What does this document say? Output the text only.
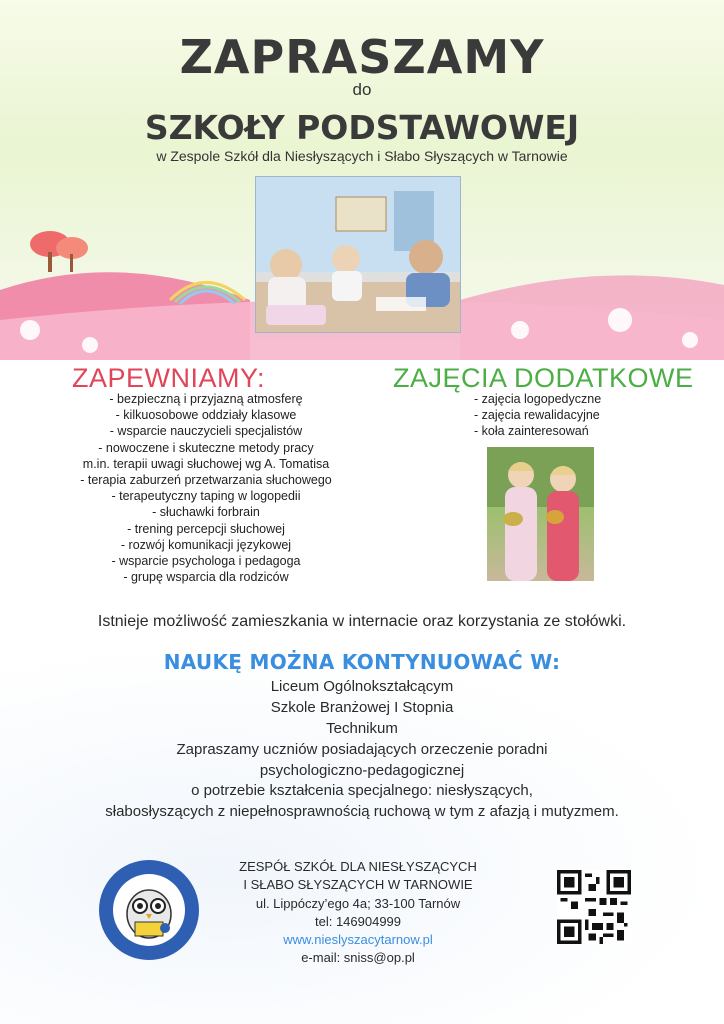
ZAPRASZAMY
do
SZKOŁY PODSTAWOWEJ
w Zespole Szkół dla Niesłyszących i Słabo Słyszących w Tarnowie
ZAPEWNIAMY:
- bezpieczną i przyjazną atmosferę
- kilkuosobowe oddziały klasowe
- wsparcie nauczycieli specjalistów
- nowoczene i skuteczne metody pracy
m.in. terapii uwagi słuchowej wg A. Tomatisa
- terapia zaburzeń przetwarzania słuchowego
- terapeutyczny taping w logopedii
- słuchawki forbrain
- trening percepcji słuchowej
- rozwój komunikacji językowej
- wsparcie psychologa i pedagoga
- grupę wsparcia dla rodziców
ZAJĘCIA DODATKOWE
- zajęcia logopedyczne
- zajęcia rewalidacyjne
- koła zainteresowań
Istnieje możliwość zamieszkania w internacie oraz korzystania ze stołówki.
NAUKĘ MOŻNA KONTYNUOWAĆ W:
Liceum Ogólnokształcącym
Szkole Branżowej I Stopnia
Technikum
Zapraszamy uczniów posiadających orzeczenie poradni
psychologiczno-pedagogicznej
o potrzebie kształcenia specjalnego: niesłyszących,
słabosłyszących z niepełnosprawnością ruchową w tym z afazją i mutyzmem.
ZESPÓŁ SZKÓŁ DLA NIESŁYSZĄCYCH
I SŁABO SŁYSZĄCYCH W TARNOWIE
ul. Lippóczy’ego 4a; 33-100 Tarnów
tel: 146904999
www.nieslyszacytarnow.pl
e-mail: sniss@op.pl
